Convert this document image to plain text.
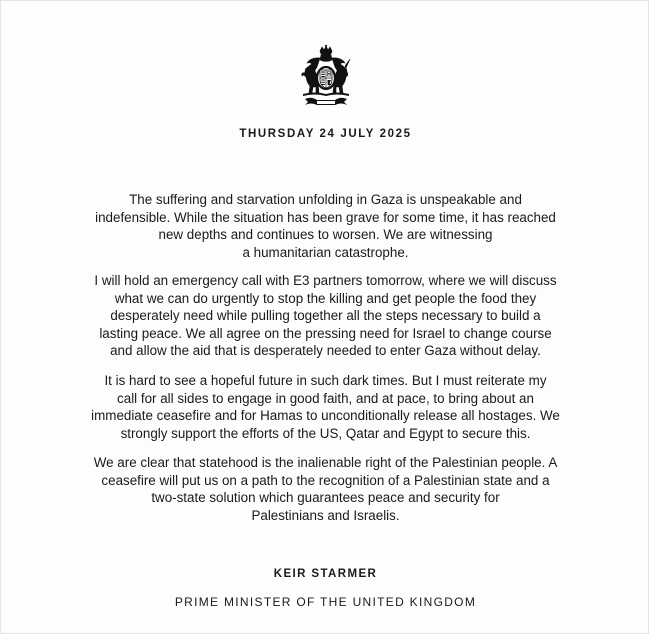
THURSDAY 24 JULY 2025

The suffering and starvation unfolding in Gaza is unspeakable and
indefensible. While the situation has been grave for some time, it has reached
new depths and continues to worsen. We are witnessing
a humanitarian catastrophe.

I will hold an emergency call with E3 partners tomorrow, where we will discuss
what we can do urgently to stop the killing and get people the food they
desperately need while pulling together all the steps necessary to build a
lasting peace. We all agree on the pressing need for Israel to change course
and allow the aid that is desperately needed to enter Gaza without delay.

It is hard to see a hopeful future in such dark times. But I must reiterate my
call for all sides to engage in good faith, and at pace, to bring about an
immediate ceasefire and for Hamas to unconditionally release all hostages. We
strongly support the efforts of the US, Qatar and Egypt to secure this.

We are clear that statehood is the inalienable right of the Palestinian people. A
ceasefire will put us on a path to the recognition of a Palestinian state and a
two-state solution which guarantees peace and security for
Palestinians and Israelis.

KEIR STARMER
PRIME MINISTER OF THE UNITED KINGDOM
